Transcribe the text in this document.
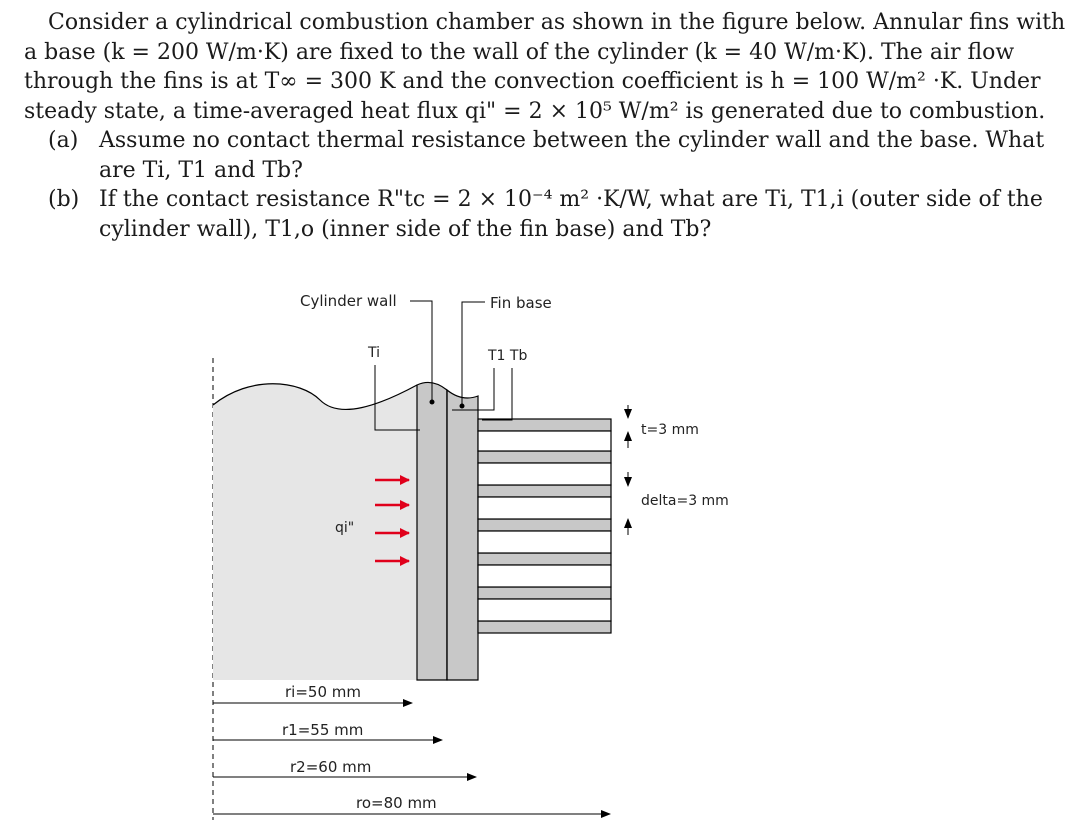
Consider a cylindrical combustion chamber as shown in the figure below. Annular fins with a base (k = 200 W/m·K) are fixed to the wall of the cylinder (k = 40 W/m·K). The air flow through the fins is at T∞ = 300 K and the convection coefficient is h = 100 W/m² ·K. Under steady state, a time-averaged heat flux qi" = 2 × 10⁵ W/m² is generated due to combustion.

(a) Assume no contact thermal resistance between the cylinder wall and the base. What are Ti, T1 and Tb?

(b) If the contact resistance R"tc = 2 × 10⁻⁴ m² ·K/W, what are Ti, T1,i (outer side of the cylinder wall), T1,o (inner side of the fin base) and Tb?

Cylinder wall	Fin base
Ti	T1 Tb
qi"
t=3 mm
delta=3 mm
ri=50 mm
r1=55 mm
r2=60 mm
ro=80 mm
